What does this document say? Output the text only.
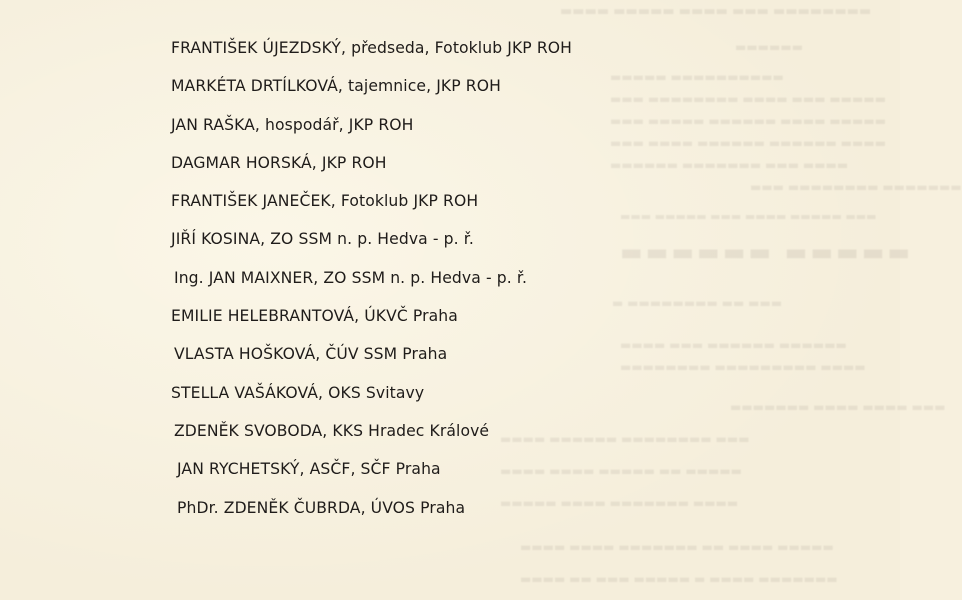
▬▬▬▬ ▬▬▬▬▬ ▬▬▬▬ ▬▬▬ ▬▬▬▬▬▬▬▬
▬▬▬▬▬▬
▬▬▬▬▬ ▬▬▬▬▬▬▬▬▬▬
▬▬▬ ▬▬▬▬▬▬▬▬ ▬▬▬▬ ▬▬▬ ▬▬▬▬▬
▬▬▬ ▬▬▬▬▬ ▬▬▬▬▬▬ ▬▬▬▬ ▬▬▬▬▬
▬▬▬ ▬▬▬▬ ▬▬▬▬▬▬ ▬▬▬▬▬▬ ▬▬▬▬
▬▬▬▬▬▬ ▬▬▬▬▬▬▬ ▬▬▬ ▬▬▬▬
▬▬▬ ▬▬▬▬▬▬▬▬ ▬▬▬▬▬▬▬
▬▬▬ ▬▬▬▬▬ ▬▬▬ ▬▬▬▬ ▬▬▬▬▬ ▬▬▬
▬▬▬▬▬▬ ▬▬▬▬▬
▬ ▬▬▬▬▬▬▬▬ ▬▬ ▬▬▬
▬▬▬▬ ▬▬▬ ▬▬▬▬▬▬ ▬▬▬▬▬▬
▬▬▬▬▬▬▬▬ ▬▬▬▬▬▬▬▬▬ ▬▬▬▬
▬▬▬▬▬▬▬ ▬▬▬▬ ▬▬▬▬ ▬▬▬
▬▬▬▬ ▬▬▬▬▬▬ ▬▬▬▬▬▬▬▬ ▬▬▬
▬▬▬▬ ▬▬▬▬ ▬▬▬▬▬ ▬▬ ▬▬▬▬▬
▬▬▬▬▬ ▬▬▬▬ ▬▬▬▬▬▬▬ ▬▬▬▬
▬▬▬▬ ▬▬▬▬ ▬▬▬▬▬▬▬ ▬▬ ▬▬▬▬ ▬▬▬▬▬
▬▬▬▬ ▬▬ ▬▬▬ ▬▬▬▬▬ ▬ ▬▬▬▬ ▬▬▬▬▬▬▬
FRANTIŠEK ÚJEZDSKÝ, předseda, Fotoklub JKP ROH
MARKÉTA DRTÍLKOVÁ, tajemnice, JKP ROH
JAN RAŠKA, hospodář, JKP ROH
DAGMAR HORSKÁ, JKP ROH
FRANTIŠEK JANEČEK, Fotoklub JKP ROH
JIŘÍ KOSINA, ZO SSM n. p. Hedva - p. ř.
Ing. JAN MAIXNER, ZO SSM n. p. Hedva - p. ř.
EMILIE HELEBRANTOVÁ, ÚKVČ Praha
VLASTA HOŠKOVÁ, ČÚV SSM Praha
STELLA VAŠÁKOVÁ, OKS Svitavy
ZDENĚK SVOBODA, KKS Hradec Králové
JAN RYCHETSKÝ, ASČF, SČF Praha
PhDr. ZDENĚK ČUBRDA, ÚVOS Praha
